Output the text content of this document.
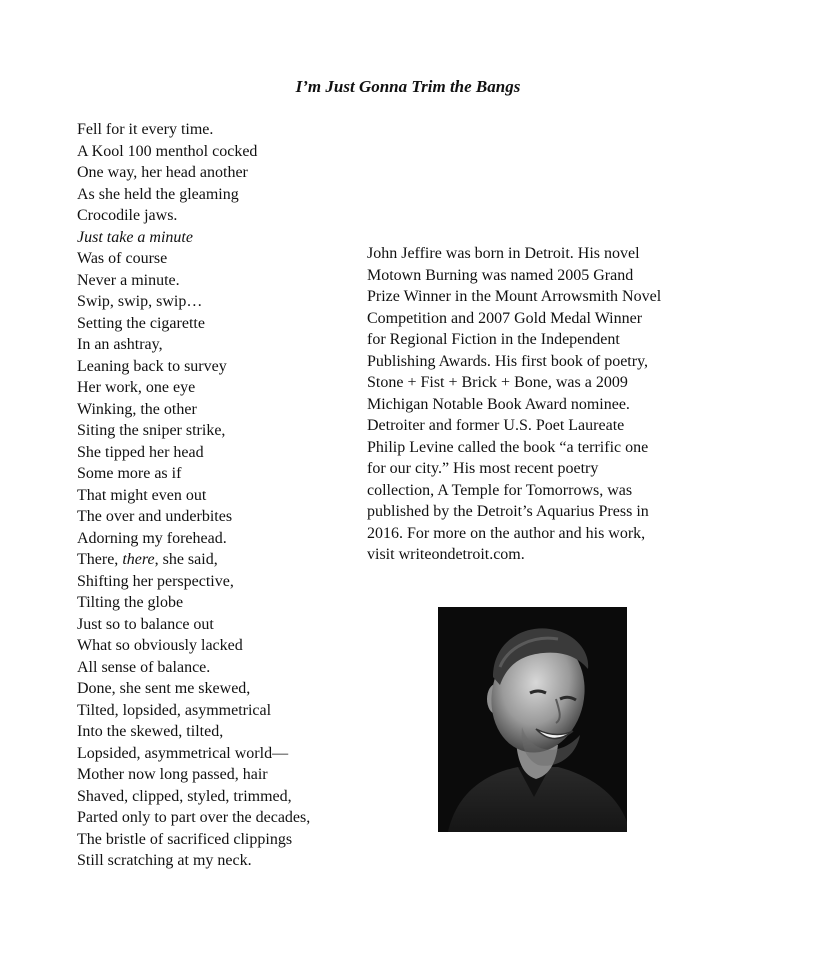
I’m Just Gonna Trim the Bangs
Fell for it every time.
A Kool 100 menthol cocked
One way, her head another
As she held the gleaming
Crocodile jaws.
Just take a minute
Was of course
Never a minute.
Swip, swip, swip…
Setting the cigarette
In an ashtray,
Leaning back to survey
Her work, one eye
Winking, the other
Siting the sniper strike,
She tipped her head
Some more as if
That might even out
The over and underbites
Adorning my forehead.
There, there, she said,
Shifting her perspective,
Tilting the globe
Just so to balance out
What so obviously lacked
All sense of balance.
Done, she sent me skewed,
Tilted, lopsided, asymmetrical
Into the skewed, tilted,
Lopsided, asymmetrical world—
Mother now long passed, hair
Shaved, clipped, styled, trimmed,
Parted only to part over the decades,
The bristle of sacrificed clippings
Still scratching at my neck.
John Jeffire was born in Detroit. His novel
Motown Burning was named 2005 Grand
Prize Winner in the Mount Arrowsmith Novel
Competition and 2007 Gold Medal Winner
for Regional Fiction in the Independent
Publishing Awards. His first book of poetry,
Stone + Fist + Brick + Bone, was a 2009
Michigan Notable Book Award nominee.
Detroiter and former U.S. Poet Laureate
Philip Levine called the book “a terrific one
for our city.” His most recent poetry
collection, A Temple for Tomorrows, was
published by the Detroit’s Aquarius Press in
2016. For more on the author and his work,
visit writeondetroit.com.
